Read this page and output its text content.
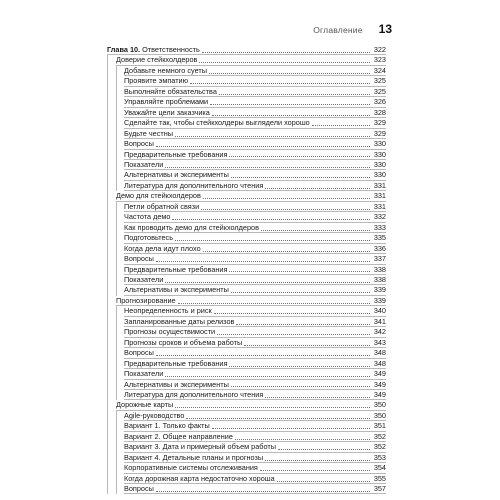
Оглавление 13
Глава 10. Ответственность	322
Доверие стейкхолдеров	323
Добавьте немного суеты	324
Проявите эмпатию	325
Выполняйте обязательства	325
Управляйте проблемами	326
Уважайте цели заказчика	328
Сделайте так, чтобы стейкхолдеры выглядели хорошо	329
Будьте честны	329
Вопросы	330
Предварительные требования	330
Показатели	330
Альтернативы и эксперименты	330
Литература для дополнительного чтения	331
Демо для стейкхолдеров	331
Петли обратной связи	331
Частота демо	332
Как проводить демо для стейкхолдеров	333
Подготовьтесь	335
Когда дела идут плохо	336
Вопросы	337
Предварительные требования	338
Показатели	338
Альтернативы и эксперименты	339
Прогнозирование	339
Неопределенность и риск	340
Запланированные даты релизов	341
Прогнозы осуществимости	342
Прогнозы сроков и объема работы	343
Вопросы	348
Предварительные требования	348
Показатели	349
Альтернативы и эксперименты	349
Литература для дополнительного чтения	349
Дорожные карты	350
Agile-руководство	350
Вариант 1. Только факты	351
Вариант 2. Общее направление	352
Вариант 3. Дата и примерный объем работы	352
Вариант 4. Детальные планы и прогнозы	353
Корпоративные системы отслеживания	354
Когда дорожная карта недостаточно хороша	355
Вопросы	357
